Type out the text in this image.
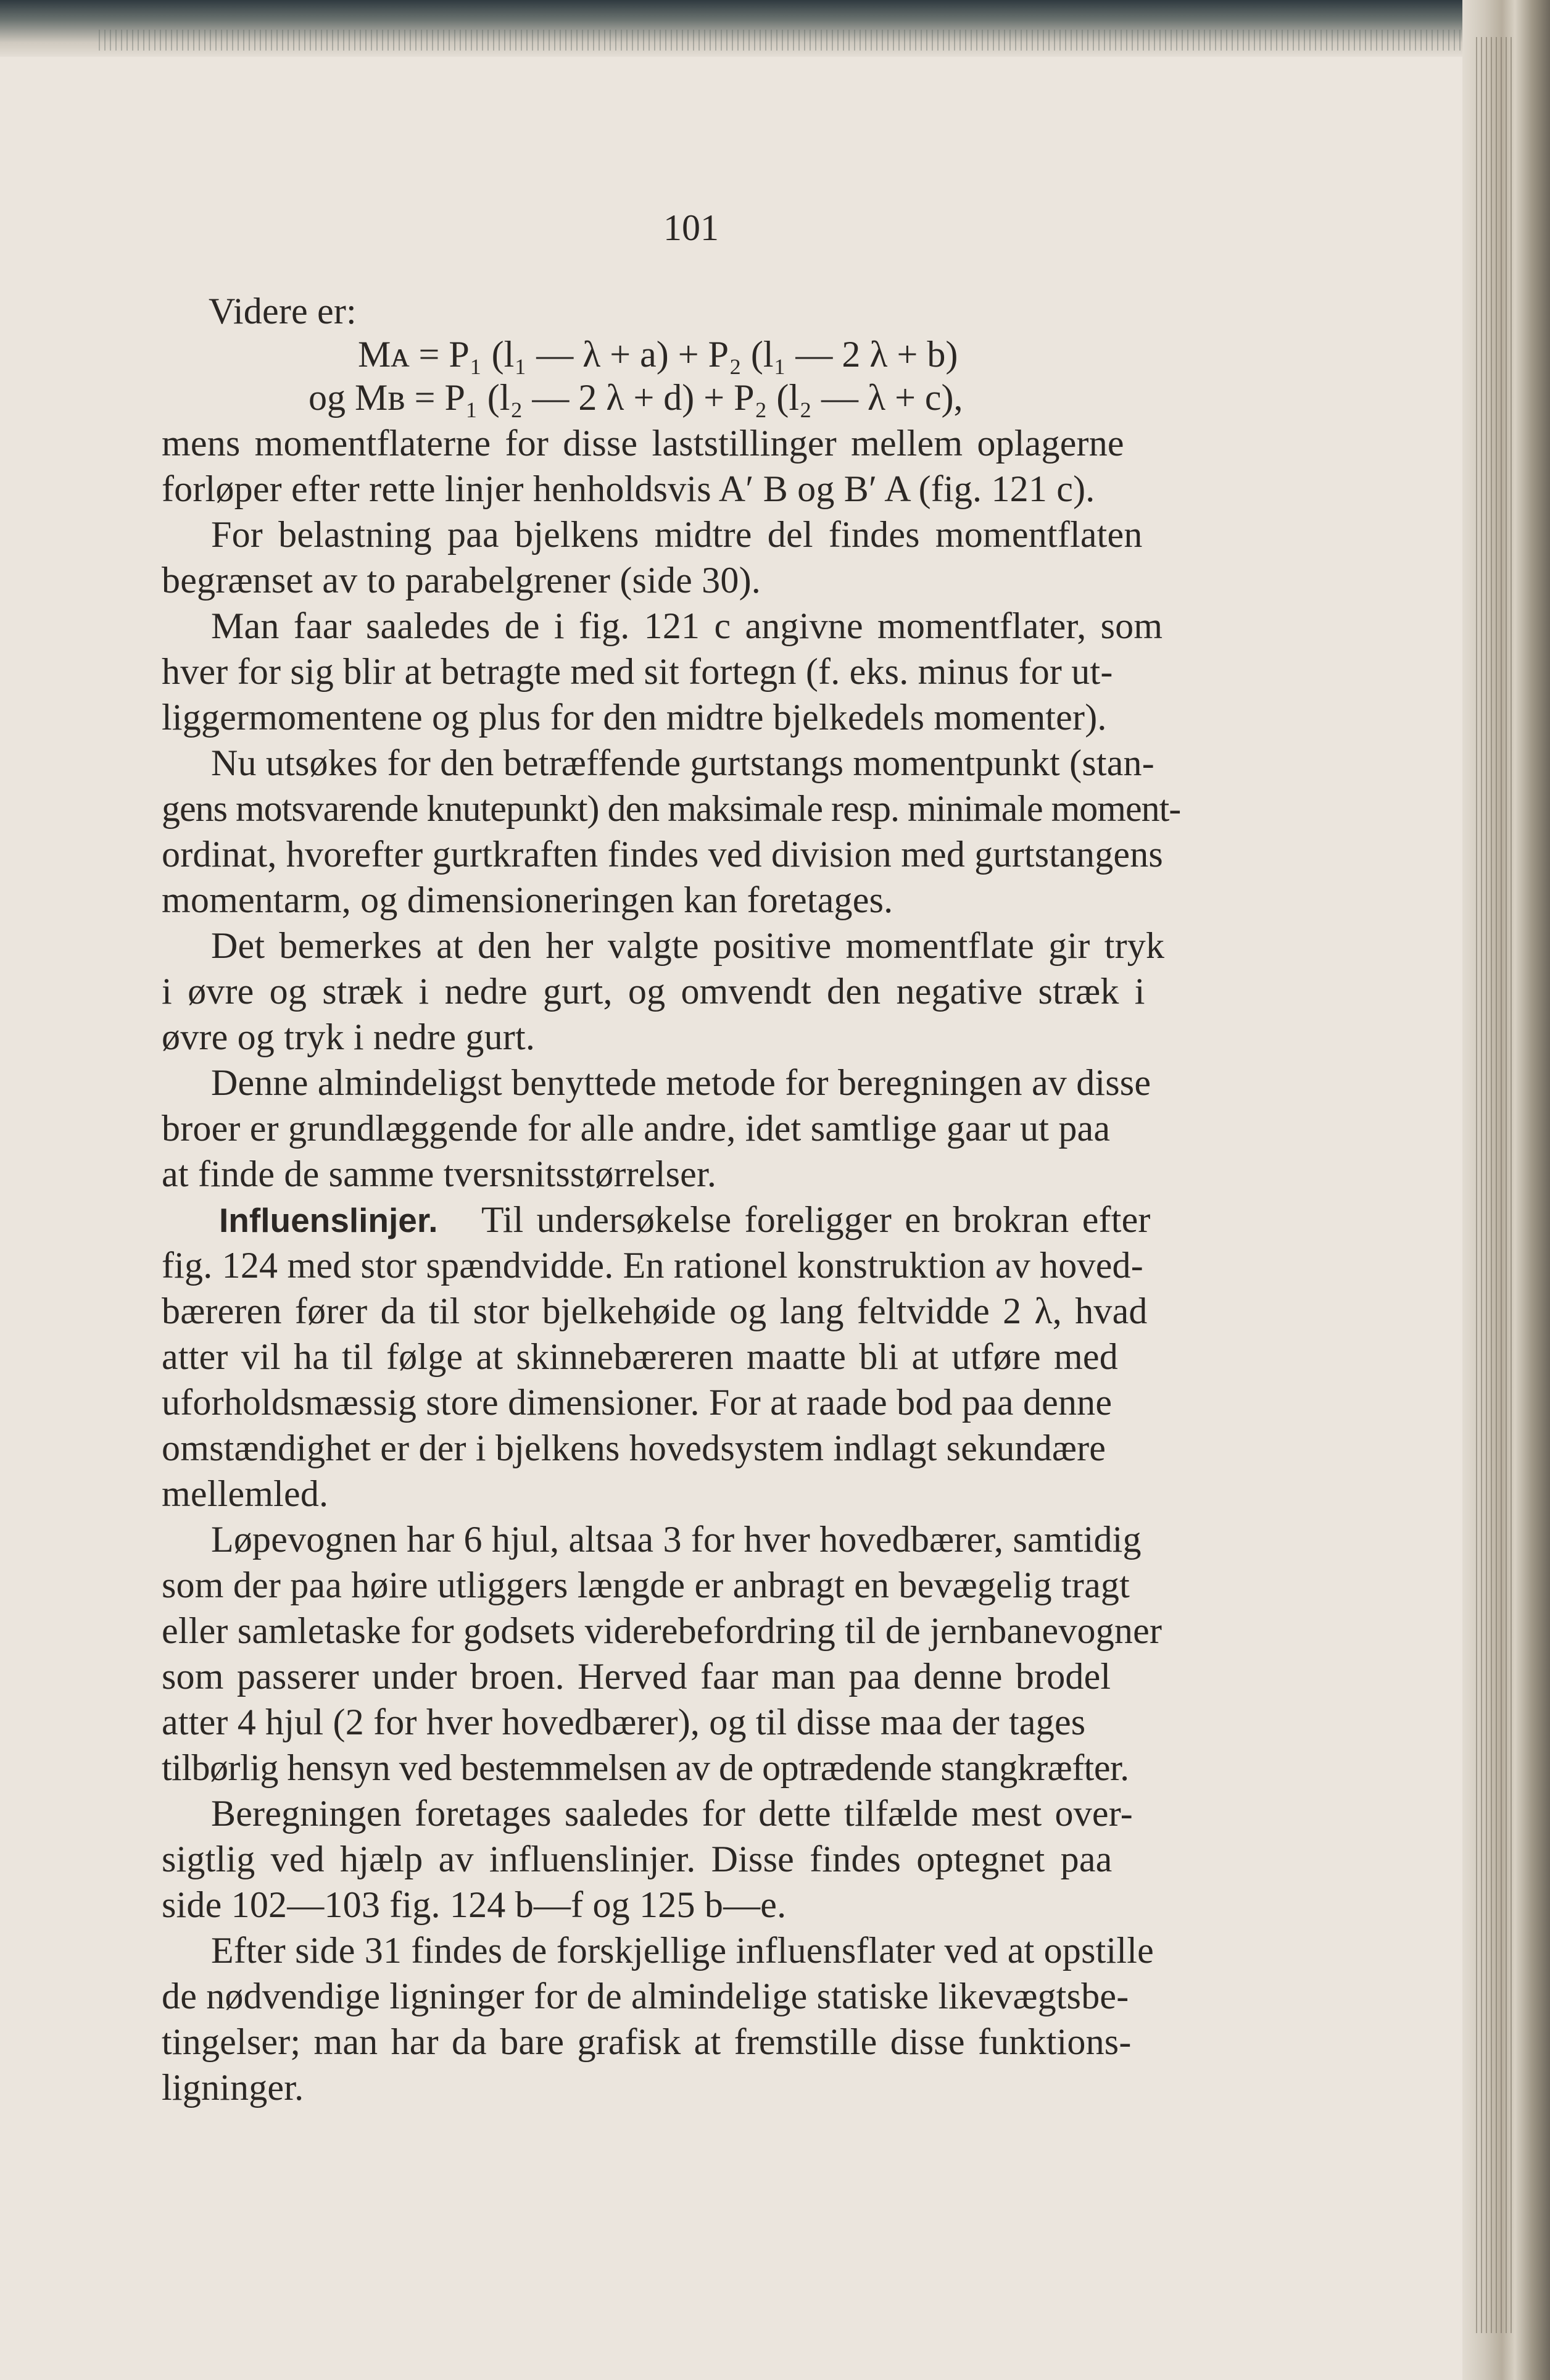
101
Videre er:
Mᴀ = P₁ (l₁ — λ + a) + P₂ (l₁ — 2 λ + b)
og Mʙ = P₁ (l₂ — 2 λ + d) + P₂ (l₂ — λ + c),
mens momentflaterne for disse laststillinger mellem oplagerne
forløper efter rette linjer henholdsvis A′ B og B′ A (fig. 121 c).
For belastning paa bjelkens midtre del findes momentflaten
begrænset av to parabelgrener (side 30).
Man faar saaledes de i fig. 121 c angivne momentflater, som
hver for sig blir at betragte med sit fortegn (f. eks. minus for ut-
liggermomentene og plus for den midtre bjelkedels momenter).
Nu utsøkes for den betræffende gurtstangs momentpunkt (stan-
gens motsvarende knutepunkt) den maksimale resp. minimale moment-
ordinat, hvorefter gurtkraften findes ved division med gurtstangens
momentarm, og dimensioneringen kan foretages.
Det bemerkes at den her valgte positive momentflate gir tryk
i øvre og stræk i nedre gurt, og omvendt den negative stræk i
øvre og tryk i nedre gurt.
Denne almindeligst benyttede metode for beregningen av disse
broer er grundlæggende for alle andre, idet samtlige gaar ut paa
at finde de samme tversnitsstørrelser.
Influenslinjer. Til undersøkelse foreligger en brokran efter
fig. 124 med stor spændvidde. En rationel konstruktion av hoved-
bæreren fører da til stor bjelkehøide og lang feltvidde 2 λ, hvad
atter vil ha til følge at skinnebæreren maatte bli at utføre med
uforholdsmæssig store dimensioner. For at raade bod paa denne
omstændighet er der i bjelkens hovedsystem indlagt sekundære
mellemled.
Løpevognen har 6 hjul, altsaa 3 for hver hovedbærer, samtidig
som der paa høire utliggers længde er anbragt en bevægelig tragt
eller samletaske for godsets viderebefordring til de jernbanevogner
som passerer under broen. Herved faar man paa denne brodel
atter 4 hjul (2 for hver hovedbærer), og til disse maa der tages
tilbørlig hensyn ved bestemmelsen av de optrædende stangkræfter.
Beregningen foretages saaledes for dette tilfælde mest over-
sigtlig ved hjælp av influenslinjer. Disse findes optegnet paa
side 102—103 fig. 124 b—f og 125 b—e.
Efter side 31 findes de forskjellige influensflater ved at opstille
de nødvendige ligninger for de almindelige statiske likevægtsbe-
tingelser; man har da bare grafisk at fremstille disse funktions-
ligninger.
